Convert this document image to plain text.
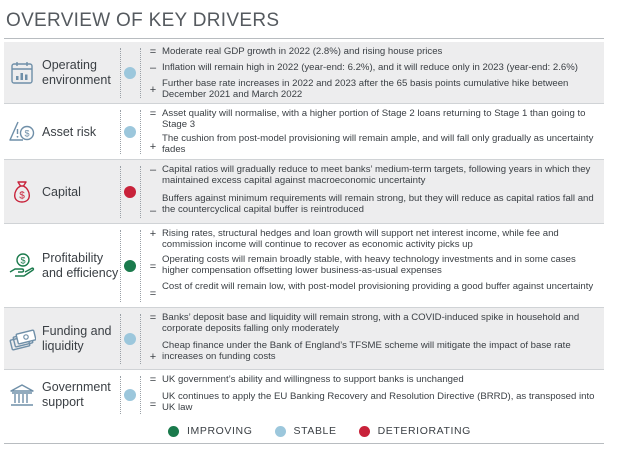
OVERVIEW OF KEY DRIVERS
Operating environment
= Moderate real GDP growth in 2022 (2.8%) and rising house prices
– Inflation will remain high in 2022 (year-end: 6.2%), and it will reduce only in 2023 (year-end: 2.6%)
+
Further base rate increases in 2022 and 2023 after the 65 basis points cumulative hike between December 2021 and March 2022
$ Asset risk
= Asset quality will normalise, with a higher portion of Stage 2 loans returning to Stage 1 than going to Stage 3
+
The cushion from post-model provisioning will remain ample, and will fall only gradually as uncertainty fades
$ Capital
– Capital ratios will gradually reduce to meet banks’ medium-term targets, following years in which they maintained excess capital against macroeconomic uncertainty
–
Buffers against minimum requirements will remain strong, but they will reduce as capital ratios fall and the countercyclical capital buffer is reintroduced
$ Profitability and efficiency
+ Rising rates, structural hedges and loan growth will support net interest income, while fee and commission income will continue to recover as economic activity picks up
=
Operating costs will remain broadly stable, with heavy technology investments and in some cases higher compensation offsetting lower business-as-usual expenses
=
Cost of credit will remain low, with post-model provisioning providing a good buffer against uncertainty
Funding and liquidity
= Banks’ deposit base and liquidity will remain strong, with a COVID-induced spike in household and corporate deposits falling only moderately
+
Cheap finance under the Bank of England’s TFSME scheme will mitigate the impact of base rate increases on funding costs
Government support
= UK government’s ability and willingness to support banks is unchanged
=
UK continues to apply the EU Banking Recovery and Resolution Directive (BRRD), as transposed into UK law
IMPROVING	STABLE	DETERIORATING
